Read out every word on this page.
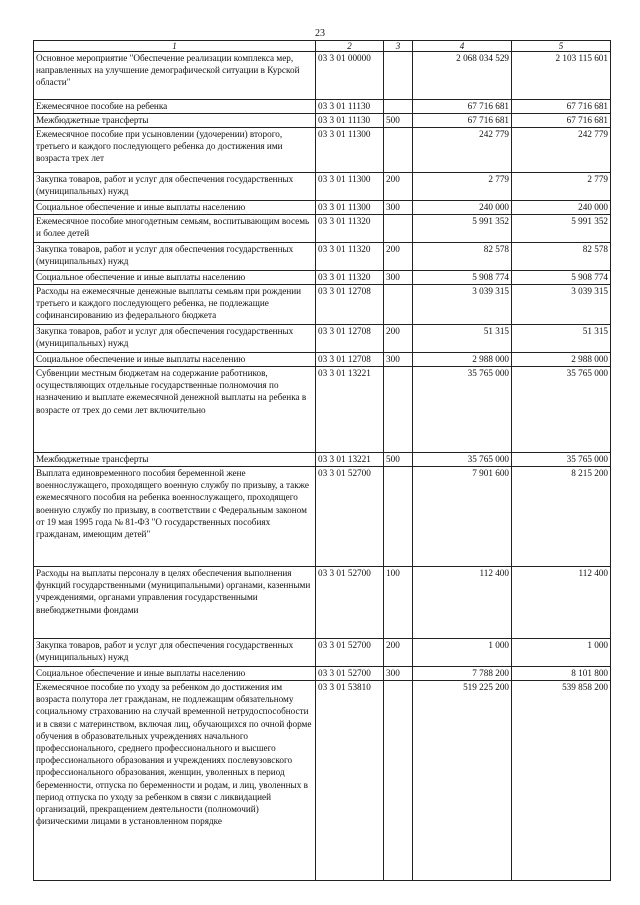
23
1	2	3	4	5
Основное мероприятие "Обеспечение реализации комплекса мер, направленных на улучшение демографической ситуации в Курской области"	03 3 01 00000		2 068 034 529	2 103 115 601
Ежемесячное пособие на ребенка	03 3 01 11130		67 716 681	67 716 681
Межбюджетные трансферты	03 3 01 11130	500	67 716 681	67 716 681
Ежемесячное пособие при усыновлении (удочерении) второго, третьего и каждого последующего ребенка до достижения ими возраста трех лет	03 3 01 11300		242 779	242 779
Закупка товаров, работ и услуг для обеспечения государственных (муниципальных) нужд	03 3 01 11300	200	2 779	2 779
Социальное обеспечение и иные выплаты населению	03 3 01 11300	300	240 000	240 000
Ежемесячное пособие многодетным семьям, воспитывающим восемь и более детей	03 3 01 11320		5 991 352	5 991 352
Закупка товаров, работ и услуг для обеспечения государственных (муниципальных) нужд	03 3 01 11320	200	82 578	82 578
Социальное обеспечение и иные выплаты населению	03 3 01 11320	300	5 908 774	5 908 774
Расходы на ежемесячные денежные выплаты семьям при рождении третьего и каждого последующего ребенка, не подлежащие софинансированию из федерального бюджета	03 3 01 12708		3 039 315	3 039 315
Закупка товаров, работ и услуг для обеспечения государственных (муниципальных) нужд	03 3 01 12708	200	51 315	51 315
Социальное обеспечение и иные выплаты населению	03 3 01 12708	300	2 988 000	2 988 000
Субвенции местным бюджетам на содержание работников, осуществляющих отдельные государственные полномочия по назначению и выплате ежемесячной денежной выплаты на ребенка в возрасте от трех до семи лет включительно	03 3 01 13221		35 765 000	35 765 000
Межбюджетные трансферты	03 3 01 13221	500	35 765 000	35 765 000
Выплата единовременного пособия беременной жене военнослужащего, проходящего военную службу по призыву, а также ежемесячного пособия на ребенка военнослужащего, проходящего военную службу по призыву, в соответствии с Федеральным законом от 19 мая 1995 года № 81-ФЗ "О государственных пособиях гражданам, имеющим детей"	03 3 01 52700		7 901 600	8 215 200
Расходы на выплаты персоналу в целях обеспечения выполнения функций государственными (муниципальными) органами, казенными учреждениями, органами управления государственными внебюджетными фондами	03 3 01 52700	100	112 400	112 400
Закупка товаров, работ и услуг для обеспечения государственных (муниципальных) нужд	03 3 01 52700	200	1 000	1 000
Социальное обеспечение и иные выплаты населению	03 3 01 52700	300	7 788 200	8 101 800
Ежемесячное пособие по уходу за ребенком до достижения им возраста полутора лет гражданам, не подлежащим обязательному социальному страхованию на случай временной нетрудоспособности и в связи с материнством, включая лиц, обучающихся по очной форме обучения в образовательных учреждениях начального профессионального, среднего профессионального и высшего профессионального образования и учреждениях послевузовского профессионального образования, женщин, уволенных в период беременности, отпуска по беременности и родам, и лиц, уволенных в период отпуска по уходу за ребенком в связи с ликвидацией организаций, прекращением деятельности (полномочий) физическими лицами в установленном порядке	03 3 01 53810		519 225 200	539 858 200
